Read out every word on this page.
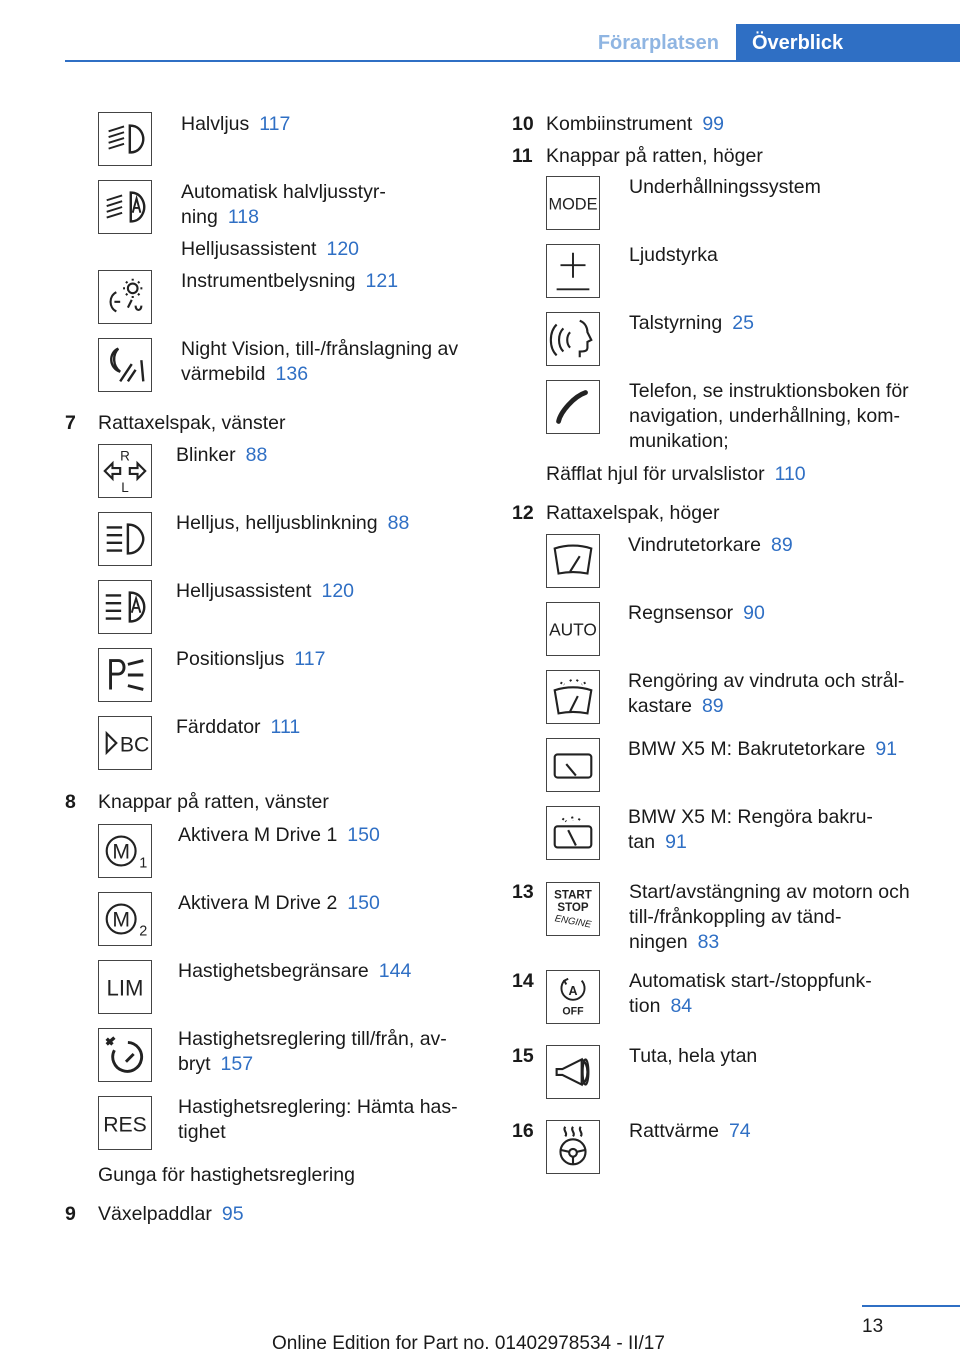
Förarplatsen	Överblick
Halvljus 117
Automatisk halvljusstyr-
ning 118
Helljusassistent 120
Instrumentbelysning 121
Night Vision, till-/frånslagning av
värmebild 136
7 Rattaxelspak, vänster
R
L
Blinker 88
Helljus, helljusblinkning 88
Helljusassistent 120
Positionsljus 117
BC
Färddator 111
8 Knappar på ratten, vänster
M 1
Aktivera M Drive 1 150
M 2
Aktivera M Drive 2 150
LIM
Hastighetsbegränsare 144
Hastighetsreglering till/från, av-
bryt 157
RES
Hastighetsreglering: Hämta has-
tighet
Gunga för hastighetsreglering
9 Växelpaddlar 95
10 Kombiinstrument 99
11 Knappar på ratten, höger
MODE
Underhållningssystem
Ljudstyrka
Talstyrning 25
Telefon, se instruktionsboken för
navigation, underhållning, kom-
munikation;
Räfflat hjul för urvalslistor 110
12 Rattaxelspak, höger
Vindrutetorkare 89
AUTO
Regnsensor 90
Rengöring av vindruta och strål-
kastare 89
BMW X5 M: Bakrutetorkare 91
BMW X5 M: Rengöra bakru-
tan 91
13 START
STOP
ENGINE
Start/avstängning av motorn och
till-/frånkoppling av tänd-
ningen 83
14	A
OFF
Automatisk start-/stoppfunk-
tion 84
15	Tuta, hela ytan
16	Rattvärme 74
13
Online Edition for Part no. 01402978534 - II/17
